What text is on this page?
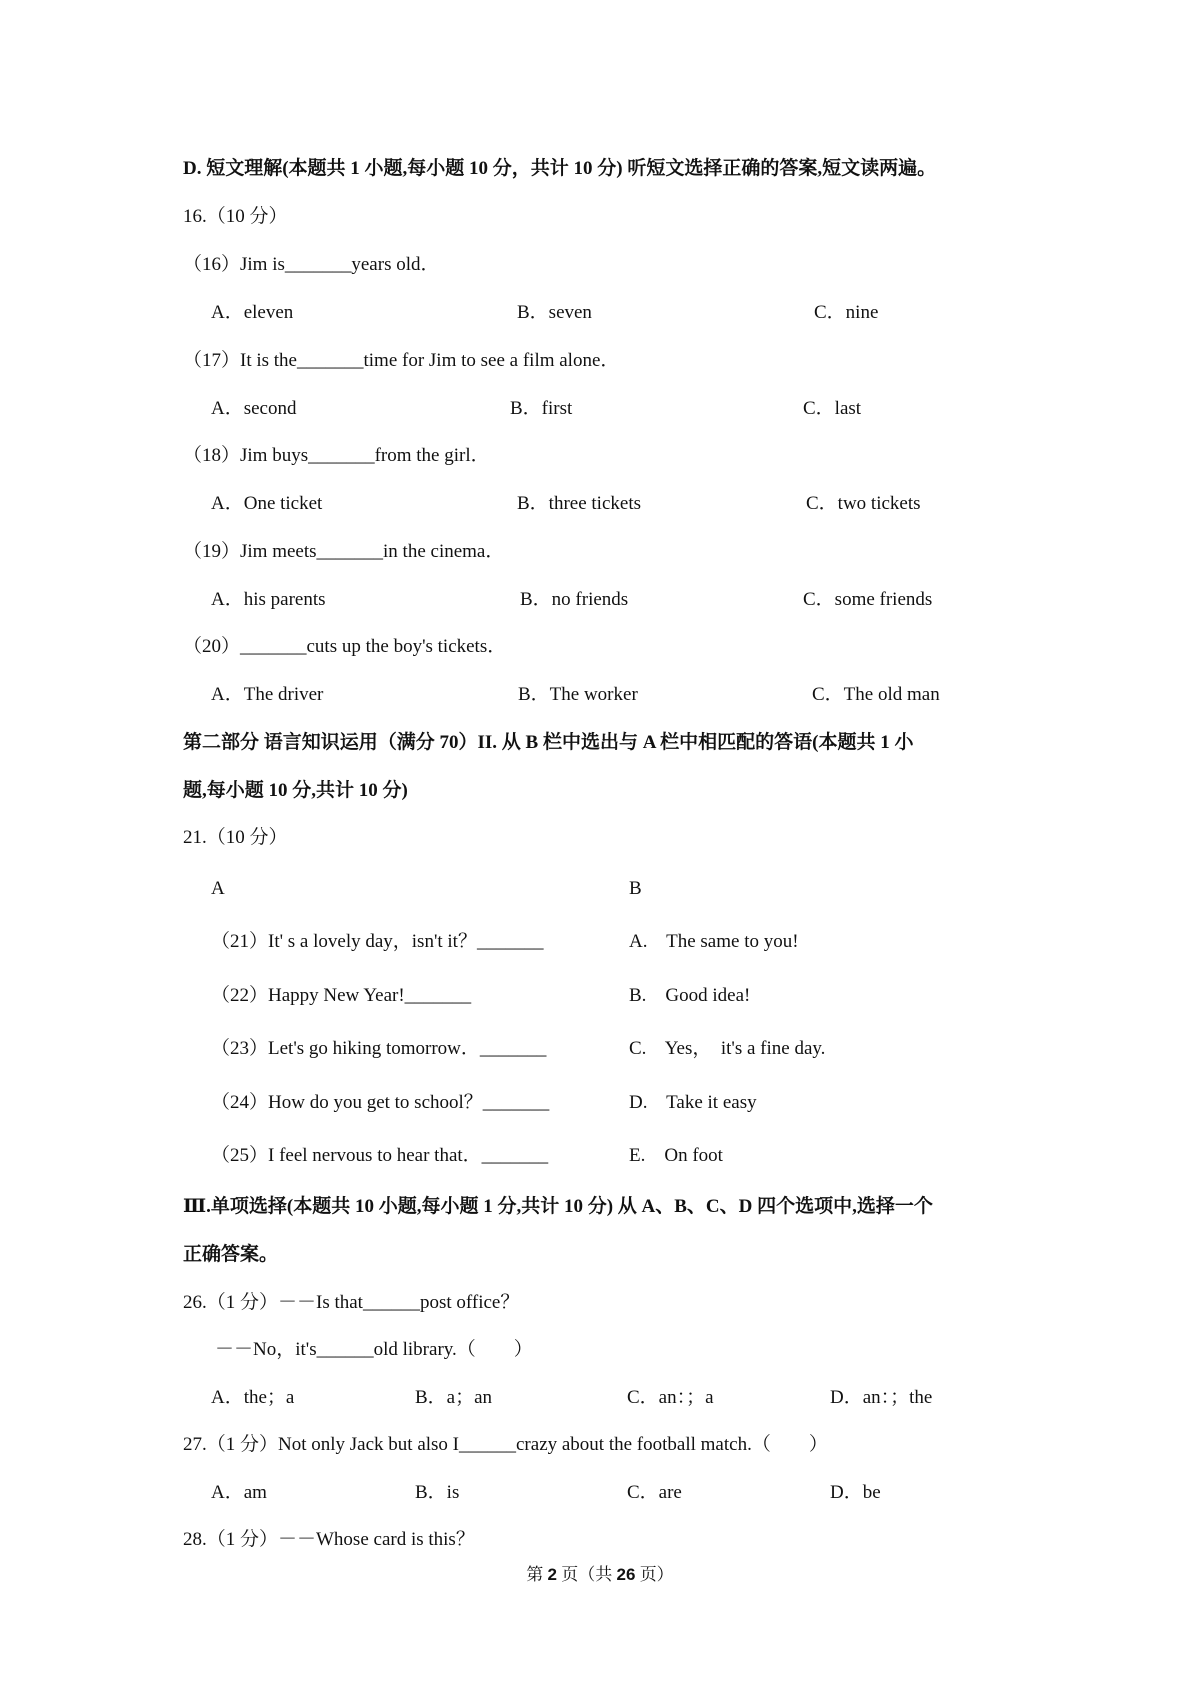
D. 短文理解(本题共 1 小题,每小题 10 分，共计 10 分) 听短文选择正确的答案,短文读两遍。
16.（10 分）
（16）Jim is_______years old．
A．eleven	B．seven	C．nine
（17）It is the_______time for Jim to see a film alone．
A．second	B．first	C．last
（18）Jim buys_______from the girl．
A．One ticket	B．three tickets	C．two tickets
（19）Jim meets_______in the cinema．
A．his parents	B．no friends	C．some friends
（20）_______cuts up the boy's tickets．
A．The driver	B．The worker	C．The old man
第二部分 语言知识运用（满分 70）II. 从 B 栏中选出与 A 栏中相匹配的答语(本题共 1 小
题,每小题 10 分,共计 10 分)
21.（10 分）
A	B
（21）It' s a lovely day，isn't it？_______	A.    The same to you!
（22）Happy New Year!_______	B.    Good idea!
（23）Let's go hiking tomorrow．_______	C.    Yes，  it's a fine day.
（24）How do you get to school？_______	D.    Take it easy
（25）I feel nervous to hear that．_______	E.    On foot
Ⅲ.单项选择(本题共 10 小题,每小题 1 分,共计 10 分) 从 A、B、C、D 四个选项中,选择一个
正确答案。
26.（1 分）－－Is that______post office？
－－No，it's______old library.（　　）
A．the；a	B．a；an	C．an：；a	D．an：；the
27.（1 分）Not only Jack but also I______crazy about the football match.（　　）
A．am	B．is	C．are	D．be
28.（1 分）－－Whose card is this？
第 2 页（共 26 页）
